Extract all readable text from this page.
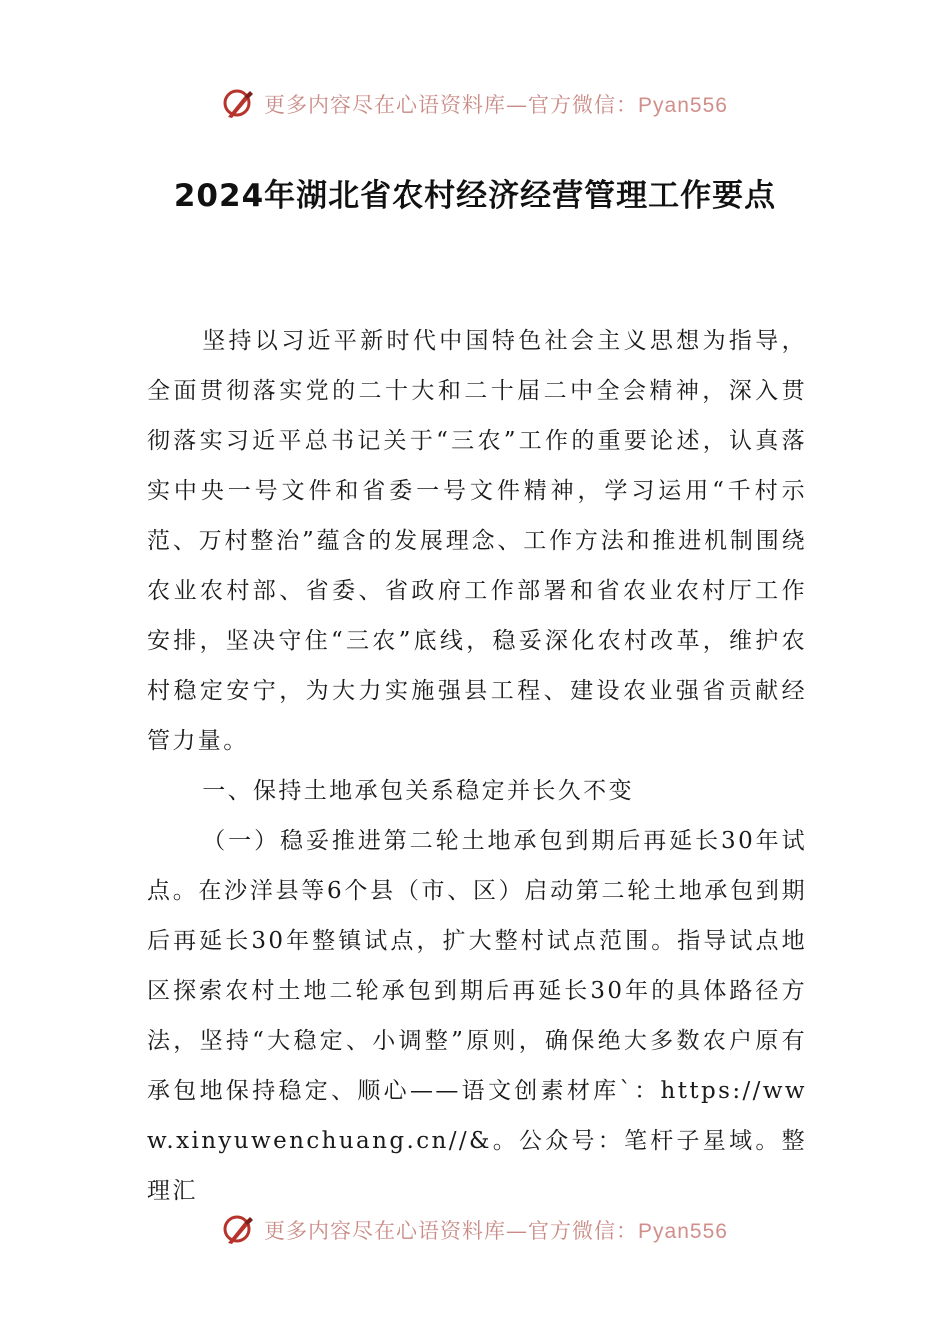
更多内容尽在心语资料库—官方微信：Pyan556
2024年湖北省农村经济经营管理工作要点

坚持以习近平新时代中国特色社会主义思想为指导，全面贯彻落实党的二十大和二十届二中全会精神，深入贯彻落实习近平总书记关于“三农”工作的重要论述，认真落实中央一号文件和省委一号文件精神，学习运用“千村示范、万村整治”蕴含的发展理念、工作方法和推进机制围绕农业农村部、省委、省政府工作部署和省农业农村厅工作安排，坚决守住“三农”底线，稳妥深化农村改革，维护农村稳定安宁，为大力实施强县工程、建设农业强省贡献经管力量。

一、保持土地承包关系稳定并长久不变

（一）稳妥推进第二轮土地承包到期后再延长30年试点。在沙洋县等6个县（市、区）启动第二轮土地承包到期后再延长30年整镇试点，扩大整村试点范围。指导试点地区探索农村土地二轮承包到期后再延长30年的具体路径方法，坚持“大稳定、小调整”原则，确保绝大多数农户原有承包地保持稳定、顺心——语文创素材库`：https://www.xinyuwenchuang.cn//&。公众号：笔杆子星域。整理汇

更多内容尽在心语资料库—官方微信：Pyan556
